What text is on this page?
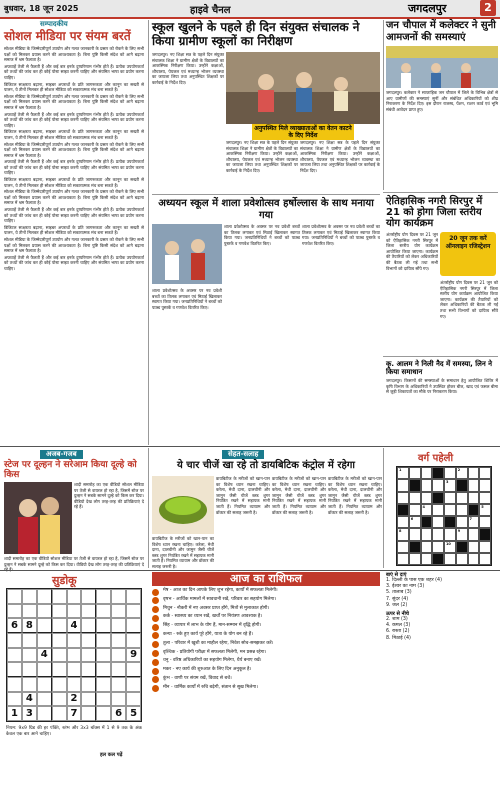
बुधवार, 18 जून 2025	हाइवे चैनल	जगदलपुर	2
सम्पादकीय
सोशल मीडिया पर संयम बरतें

सोशल मीडिया के जिम्मेदारीपूर्ण उपयोग और गलत जानकारी के प्रसार को रोकने के लिए सभी पक्षों को मिलकर प्रयास करने की आवश्यकता है। बिना पुष्टि किसी संदेश को आगे बढ़ाना समाज में भ्रम फैलाता है।

अफवाहें तेजी से फैलती हैं और कई बार इनके दुष्परिणाम गंभीर होते हैं। प्रत्येक उपयोगकर्ता को तथ्यों की जांच कर ही कोई पोस्ट साझा करनी चाहिए और संयमित भाषा का प्रयोग करना चाहिए।

डिजिटल साक्षरता बढ़ाना, साइबर अपराधों के प्रति जागरूकता और कानून का सख्ती से पालन, ये तीनों मिलकर ही सोशल मीडिया को सकारात्मक मंच बना सकते हैं।

सोशल मीडिया के जिम्मेदारीपूर्ण उपयोग और गलत जानकारी के प्रसार को रोकने के लिए सभी पक्षों को मिलकर प्रयास करने की आवश्यकता है। बिना पुष्टि किसी संदेश को आगे बढ़ाना समाज में भ्रम फैलाता है।

अफवाहें तेजी से फैलती हैं और कई बार इनके दुष्परिणाम गंभीर होते हैं। प्रत्येक उपयोगकर्ता को तथ्यों की जांच कर ही कोई पोस्ट साझा करनी चाहिए और संयमित भाषा का प्रयोग करना चाहिए।

डिजिटल साक्षरता बढ़ाना, साइबर अपराधों के प्रति जागरूकता और कानून का सख्ती से पालन, ये तीनों मिलकर ही सोशल मीडिया को सकारात्मक मंच बना सकते हैं।

सोशल मीडिया के जिम्मेदारीपूर्ण उपयोग और गलत जानकारी के प्रसार को रोकने के लिए सभी पक्षों को मिलकर प्रयास करने की आवश्यकता है। बिना पुष्टि किसी संदेश को आगे बढ़ाना समाज में भ्रम फैलाता है।

अफवाहें तेजी से फैलती हैं और कई बार इनके दुष्परिणाम गंभीर होते हैं। प्रत्येक उपयोगकर्ता को तथ्यों की जांच कर ही कोई पोस्ट साझा करनी चाहिए और संयमित भाषा का प्रयोग करना चाहिए।

डिजिटल साक्षरता बढ़ाना, साइबर अपराधों के प्रति जागरूकता और कानून का सख्ती से पालन, ये तीनों मिलकर ही सोशल मीडिया को सकारात्मक मंच बना सकते हैं।

सोशल मीडिया के जिम्मेदारीपूर्ण उपयोग और गलत जानकारी के प्रसार को रोकने के लिए सभी पक्षों को मिलकर प्रयास करने की आवश्यकता है। बिना पुष्टि किसी संदेश को आगे बढ़ाना समाज में भ्रम फैलाता है।

अफवाहें तेजी से फैलती हैं और कई बार इनके दुष्परिणाम गंभीर होते हैं। प्रत्येक उपयोगकर्ता को तथ्यों की जांच कर ही कोई पोस्ट साझा करनी चाहिए और संयमित भाषा का प्रयोग करना चाहिए।

डिजिटल साक्षरता बढ़ाना, साइबर अपराधों के प्रति जागरूकता और कानून का सख्ती से पालन, ये तीनों मिलकर ही सोशल मीडिया को सकारात्मक मंच बना सकते हैं।

सोशल मीडिया के जिम्मेदारीपूर्ण उपयोग और गलत जानकारी के प्रसार को रोकने के लिए सभी पक्षों को मिलकर प्रयास करने की आवश्यकता है। बिना पुष्टि किसी संदेश को आगे बढ़ाना समाज में भ्रम फैलाता है।

अफवाहें तेजी से फैलती हैं और कई बार इनके दुष्परिणाम गंभीर होते हैं। प्रत्येक उपयोगकर्ता को तथ्यों की जांच कर ही कोई पोस्ट साझा करनी चाहिए और संयमित भाषा का प्रयोग करना चाहिए।

स्कूल खुलने के पहले ही दिन संयुक्त संचालक ने किया ग्रामीण स्कूलों का निरीक्षण
जगदलपुर। नए शिक्षा सत्र के पहले दिन संयुक्त संचालक शिक्षा ने ग्रामीण क्षेत्रों के विद्यालयों का आकस्मिक निरीक्षण किया। उन्होंने कक्षाओं, शौचालय, पेयजल एवं मध्यान्ह भोजन व्यवस्था का जायजा लिया तथा अनुपस्थित शिक्षकों पर कार्रवाई के निर्देश दिए।
अनुपस्थित मिले व्याख्याताओं का वेतन काटने के दिए निर्देश
जगदलपुर। नए शिक्षा सत्र के पहले दिन संयुक्त संचालक शिक्षा ने ग्रामीण क्षेत्रों के विद्यालयों का आकस्मिक निरीक्षण किया। उन्होंने कक्षाओं, शौचालय, पेयजल एवं मध्यान्ह भोजन व्यवस्था का जायजा लिया तथा अनुपस्थित शिक्षकों पर कार्रवाई के निर्देश दिए।
जगदलपुर। नए शिक्षा सत्र के पहले दिन संयुक्त संचालक शिक्षा ने ग्रामीण क्षेत्रों के विद्यालयों का आकस्मिक निरीक्षण किया। उन्होंने कक्षाओं, शौचालय, पेयजल एवं मध्यान्ह भोजन व्यवस्था का जायजा लिया तथा अनुपस्थित शिक्षकों पर कार्रवाई के निर्देश दिए।
अध्ययन स्कूल में शाला प्रवेशोत्सव हर्षोल्लास के साथ मनाया गया
शाला प्रवेशोत्सव के अवसर पर नव प्रवेशी बच्चों का तिलक लगाकर एवं मिठाई खिलाकर स्वागत किया गया। जनप्रतिनिधियों ने बच्चों को पाठ्य पुस्तकें व गणवेश वितरित किए।
शाला प्रवेशोत्सव के अवसर पर नव प्रवेशी बच्चों का तिलक लगाकर एवं मिठाई खिलाकर स्वागत किया गया। जनप्रतिनिधियों ने बच्चों को पाठ्य पुस्तकें व गणवेश वितरित किए।
शाला प्रवेशोत्सव के अवसर पर नव प्रवेशी बच्चों का तिलक लगाकर एवं मिठाई खिलाकर स्वागत किया गया। जनप्रतिनिधियों ने बच्चों को पाठ्य पुस्तकें व गणवेश वितरित किए।
जन चौपाल में कलेक्टर ने सुनी आमजनों की समस्याएं
जगदलपुर। कलेक्टर ने साप्ताहिक जन चौपाल में जिले के विभिन्न क्षेत्रों से आए ग्रामीणों की समस्याएं सुनीं और संबंधित अधिकारियों को शीघ्र निराकरण के निर्देश दिए। इस दौरान राजस्व, पेंशन, राशन कार्ड एवं भूमि संबंधी आवेदन प्राप्त हुए।
ऐतिहासिक नगरी सिरपुर में 21 को होगा जिला स्तरीय योग कार्यक्रम
अंतर्राष्ट्रीय योग दिवस पर 21 जून को ऐतिहासिक नगरी सिरपुर में जिला स्तरीय योग कार्यक्रम आयोजित किया जाएगा। कार्यक्रम की तैयारियों को लेकर अधिकारियों की बैठक ली गई तथा सभी विभागों को दायित्व सौंपे गए।
20 जून तक करें ऑनलाइन रजिस्ट्रेशन
अंतर्राष्ट्रीय योग दिवस पर 21 जून को ऐतिहासिक नगरी सिरपुर में जिला स्तरीय योग कार्यक्रम आयोजित किया जाएगा। कार्यक्रम की तैयारियों को लेकर अधिकारियों की बैठक ली गई तथा सभी विभागों को दायित्व सौंपे गए।
कृ. आलम ने निली नैद में समस्या, लिन ने किया समाधान
जगदलपुर। किसानों की समस्याओं के समाधान हेतु आयोजित शिविर में कृषि विभाग के अधिकारियों ने उपस्थित होकर बीज, खाद एवं फसल बीमा से जुड़ी शिकायतों का मौके पर निराकरण किया।
अजब-गजब
स्टेज पर दूल्हन ने सरेआम किया दूल्हे को किस
शादी समारोह का एक वीडियो सोशल मीडिया पर तेजी से वायरल हो रहा है, जिसमें स्टेज पर दुल्हन ने सबके सामने दूल्हे को किस कर दिया। वीडियो देख लोग तरह-तरह की प्रतिक्रियाएं दे रहे हैं।
शादी समारोह का एक वीडियो सोशल मीडिया पर तेजी से वायरल हो रहा है, जिसमें स्टेज पर दुल्हन ने सबके सामने दूल्हे को किस कर दिया। वीडियो देख लोग तरह-तरह की प्रतिक्रियाएं दे रहे हैं।
सेहत-सलाह
ये चार चीजें खा रहे तो डायबिटिक कंट्रोल में रहेगा
डायबिटीज के मरीजों को खान-पान का विशेष ध्यान रखना चाहिए। करेला, मेथी दाना, दालचीनी और जामुन जैसी चीजें ब्लड शुगर नियंत्रित रखने में सहायक मानी जाती हैं। नियमित व्यायाम और डॉक्टर की सलाह जरूरी है।
डायबिटीज के मरीजों को खान-पान का विशेष ध्यान रखना चाहिए। करेला, मेथी दाना, दालचीनी और जामुन जैसी चीजें ब्लड शुगर नियंत्रित रखने में सहायक मानी जाती हैं। नियमित व्यायाम और डॉक्टर की सलाह जरूरी है।
डायबिटीज के मरीजों को खान-पान का विशेष ध्यान रखना चाहिए। करेला, मेथी दाना, दालचीनी और जामुन जैसी चीजें ब्लड शुगर नियंत्रित रखने में सहायक मानी जाती हैं। नियमित व्यायाम और डॉक्टर की सलाह जरूरी है।
डायबिटीज के मरीजों को खान-पान का विशेष ध्यान रखना चाहिए। करेला, मेथी दाना, दालचीनी और जामुन जैसी चीजें ब्लड शुगर नियंत्रित रखने में सहायक मानी जाती हैं। नियमित व्यायाम और डॉक्टर की सलाह जरूरी है।
वर्ग पहेली
1	2
3
4	5
6	7
8	9
10
सुडोकू
6 8	4
4	9
4	2
1 3	7	6 5
नियम: 9x9 ग्रिड की हर पंक्ति, स्तंभ और 3x3 बॉक्स में 1 से 9 तक के अंक केवल एक बार आने चाहिए।
हल कल पढ़ें
आज का राशिफल
मेष - आज का दिन आपके लिए शुभ रहेगा, कार्यों में सफलता मिलेगी।
वृषभ - आर्थिक मामलों में सावधानी रखें, परिवार का सहयोग मिलेगा।
मिथुन - नौकरी में नए अवसर प्राप्त होंगे, मित्रों से मुलाकात होगी।
कर्क - स्वास्थ्य का ध्यान रखें, खर्चों पर नियंत्रण आवश्यक है।
सिंह - व्यापार में लाभ के योग हैं, मान-सम्मान में वृद्धि होगी।
कन्या - रुके हुए कार्य पूरे होंगे, यात्रा के योग बन रहे हैं।
तुला - परिवार में खुशी का माहौल रहेगा, निवेश सोच-समझकर करें।
वृश्चिक - प्रतियोगी परीक्षा में सफलता मिलेगी, मन प्रसन्न रहेगा।
धनु - वरिष्ठ अधिकारियों का सहयोग मिलेगा, धैर्य बनाए रखें।
मकर - नए कार्य की शुरुआत के लिए दिन अनुकूल है।
कुंभ - वाणी पर संयम रखें, विवाद से बचें।
मीन - धार्मिक कार्यों में रुचि बढ़ेगी, संतान से सुख मिलेगा।
बाएं से दाएं
1. दिल्ली के पास एक शहर (4)
3. ईश्वर का नाम (3)
5. तालाब (3)
7. सुंदर (4)
9. जल (2)
ऊपर से नीचे
2. शाम (3)
4. कमल (3)
6. रास्ता (2)
8. मिठाई (4)
